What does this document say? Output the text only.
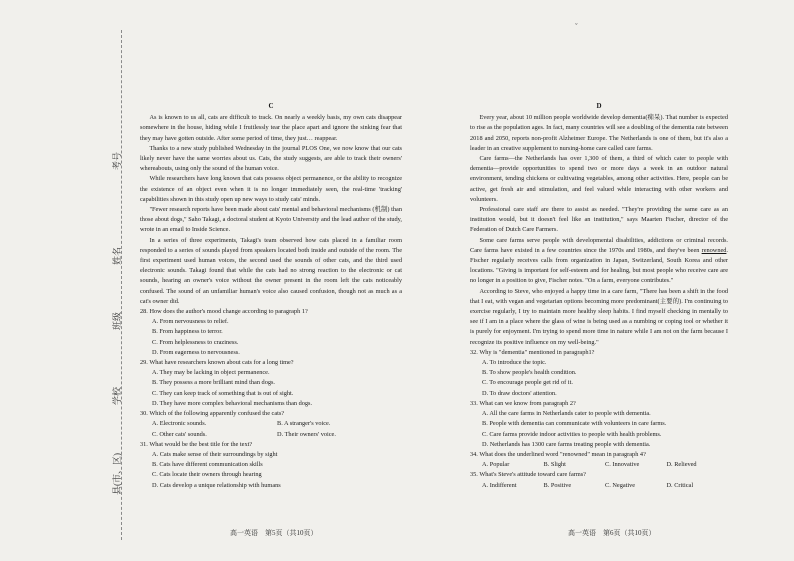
考号
姓名
班级
学校
县(市、区)
ˇ
C

As is known to us all, cats are difficult to track. On nearly a weekly basis, my own cats disappear somewhere in the house, hiding while I fruitlessly tear the place apart and ignore the sinking fear that they may have gotten outside. After some period of time, they just… reappear.

Thanks to a new study published Wednesday in the journal PLOS One, we now know that our cats likely never have the same worries about us. Cats, the study suggests, are able to track their owners' whereabouts, using only the sound of the human voice.

While researchers have long known that cats possess object permanence, or the ability to recognize the existence of an object even when it is no longer immediately seen, the real-time 'tracking' capabilities shown in this study open up new ways to study cats' minds.

"Fewer research reports have been made about cats' mental and behavioral mechanisms (机制) than those about dogs," Saho Takagi, a doctoral student at Kyoto University and the lead author of the study, wrote in an email to Inside Science.

In a series of three experiments, Takagi's team observed how cats placed in a familiar room responded to a series of sounds played from speakers located both inside and outside of the room. The first experiment used human voices, the second used the sounds of other cats, and the third used electronic sounds. Takagi found that while the cats had no strong reaction to the electronic or cat sounds, hearing an owner's voice without the owner present in the room left the cats noticeably confused. The sound of an unfamiliar human's voice also caused confusion, though not as much as a cat's owner did.

28. How does the author's mood change according to paragraph 1?

A. From nervousness to relief.

B. From happiness to terror.

C. From helplessness to craziness.

D. From eagerness to nervousness.

29. What have researchers known about cats for a long time?

A. They may be lacking in object permanence.

B. They possess a more brilliant mind than dogs.

C. They can keep track of something that is out of sight.

D. They have more complex behavioral mechanisms than dogs.

30. Which of the following apparently confused the cats?

A. Electronic sounds.	B. A stranger's voice.
C. Other cats' sounds.	D. Their owners' voice.

31. What would be the best title for the text?

A. Cats make sense of their surroundings by sight

B. Cats have different communication skills

C. Cats locate their owners through hearing

D. Cats develop a unique relationship with humans

D

Every year, about 10 million people worldwide develop dementia(痴呆). That number is expected to rise as the population ages. In fact, many countries will see a doubling of the dementia rate between 2018 and 2050, reports non-profit Alzheimer Europe. The Netherlands is one of them, but it's also a leader in an creative supplement to nursing-home care called care farms.

Care farms—the Netherlands has over 1,300 of them, a third of which cater to people with dementia—provide opportunities to spend two or more days a week in an outdoor natural environment, tending chickens or cultivating vegetables, among other activities. Here, people can be active, get fresh air and stimulation, and feel valued while interacting with other workers and volunteers.

Professional care staff are there to assist as needed. "They're providing the same care as an institution would, but it doesn't feel like an institution," says Maarten Fischer, director of the Federation of Dutch Care Farmers.

Some care farms serve people with developmental disabilities, addictions or criminal records. Care farms have existed in a few countries since the 1970s and 1980s, and they've been renowned. Fischer regularly receives calls from organization in Japan, Switzerland, South Korea and other locations. "Giving is important for self-esteem and for healing, but most people who receive care are no longer in a position to give, Fischer notes. "On a farm, everyone contributes."

According to Steve, who enjoyed a happy time in a care farm, "There has been a shift in the food that I eat, with vegan and vegetarian options becoming more predominant(主要的). I'm continuing to exercise regularly, I try to maintain more healthy sleep habits. I find myself checking in mentally to see if I am in a place where the glass of wine is being used as a numbing or coping tool or whether it is purely for enjoyment. I'm trying to spend more time in nature while I am not on the farm because I recognize its positive influence on my well-being."

32. Why is "dementia" mentioned in paragraph1?

A. To introduce the topic.

B. To show people's health condition.

C. To encourage people get rid of it.

D. To draw doctors' attention.

33. What can we know from paragraph 2?

A. All the care farms in Netherlands cater to people with dementia.

B. People with dementia can communicate with volunteers in care farms.

C. Care farms provide indoor activities to people with health problems.

D. Netherlands has 1300 care farms treating people with dementia.

34. What does the underlined word "renowned" mean in paragraph 4?

A. Popular	B. Slight	C. Innovative	D. Relieved

35. What's Steve's attitude toward care farms?

A. Indifferent	B. Positive	C. Negative	D. Critical
高一英语　第5页（共10页）	高一英语　第6页（共10页）
